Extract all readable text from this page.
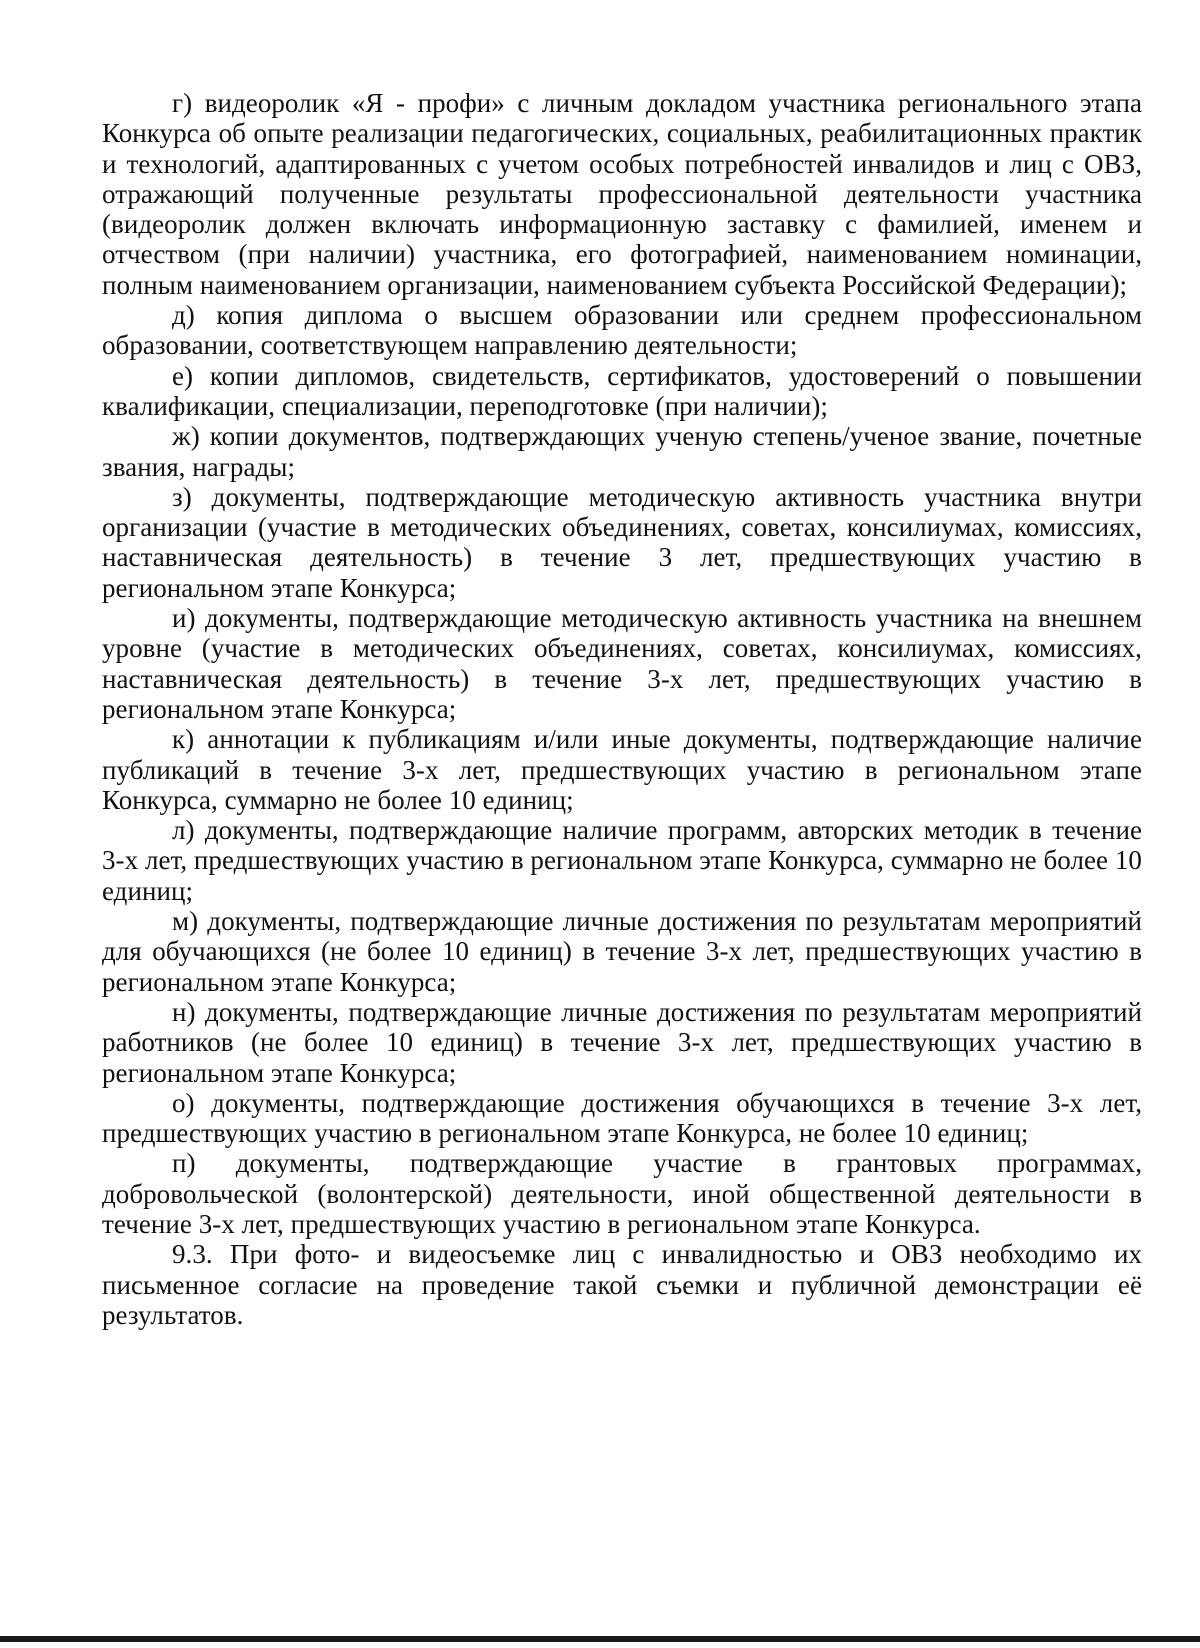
г) видеоролик «Я - профи» с личным докладом участника регионального этапа Конкурса об опыте реализации педагогических, социальных, реабилитационных практик и технологий, адаптированных с учетом особых потребностей инвалидов и лиц с ОВЗ, отражающий полученные результаты профессиональной деятельности участника (видеоролик должен включать информационную заставку с фамилией, именем и отчеством (при наличии) участника, его фотографией, наименованием номинации, полным наименованием организации, наименованием субъекта Российской Федерации);

д) копия диплома о высшем образовании или среднем профессиональном образовании, соответствующем направлению деятельности;

е) копии дипломов, свидетельств, сертификатов, удостоверений о повышении квалификации, специализации, переподготовке (при наличии);

ж) копии документов, подтверждающих ученую степень/ученое звание, почетные звания, награды;

з) документы, подтверждающие методическую активность участника внутри организации (участие в методических объединениях, советах, консилиумах, комиссиях, наставническая деятельность) в течение 3 лет, предшествующих участию в региональном этапе Конкурса;

и) документы, подтверждающие методическую активность участника на внешнем уровне (участие в методических объединениях, советах, консилиумах, комиссиях, наставническая деятельность) в течение 3-х лет, предшествующих участию в региональном этапе Конкурса;

к) аннотации к публикациям и/или иные документы, подтверждающие наличие публикаций в течение 3-х лет, предшествующих участию в региональном этапе Конкурса, суммарно не более 10 единиц;

л) документы, подтверждающие наличие программ, авторских методик в течение 3-х лет, предшествующих участию в региональном этапе Конкурса, суммарно не более 10 единиц;

м) документы, подтверждающие личные достижения по результатам мероприятий для обучающихся (не более 10 единиц) в течение 3-х лет, предшествующих участию в региональном этапе Конкурса;

н) документы, подтверждающие личные достижения по результатам мероприятий работников (не более 10 единиц) в течение 3-х лет, предшествующих участию в региональном этапе Конкурса;

о) документы, подтверждающие достижения обучающихся в течение 3-х лет, предшествующих участию в региональном этапе Конкурса, не более 10 единиц;

п) документы, подтверждающие участие в грантовых программах, добровольческой (волонтерской) деятельности, иной общественной деятельности в течение 3-х лет, предшествующих участию в региональном этапе Конкурса.

9.3. При фото- и видеосъемке лиц с инвалидностью и ОВЗ необходимо их письменное согласие на проведение такой съемки и публичной демонстрации её результатов.
